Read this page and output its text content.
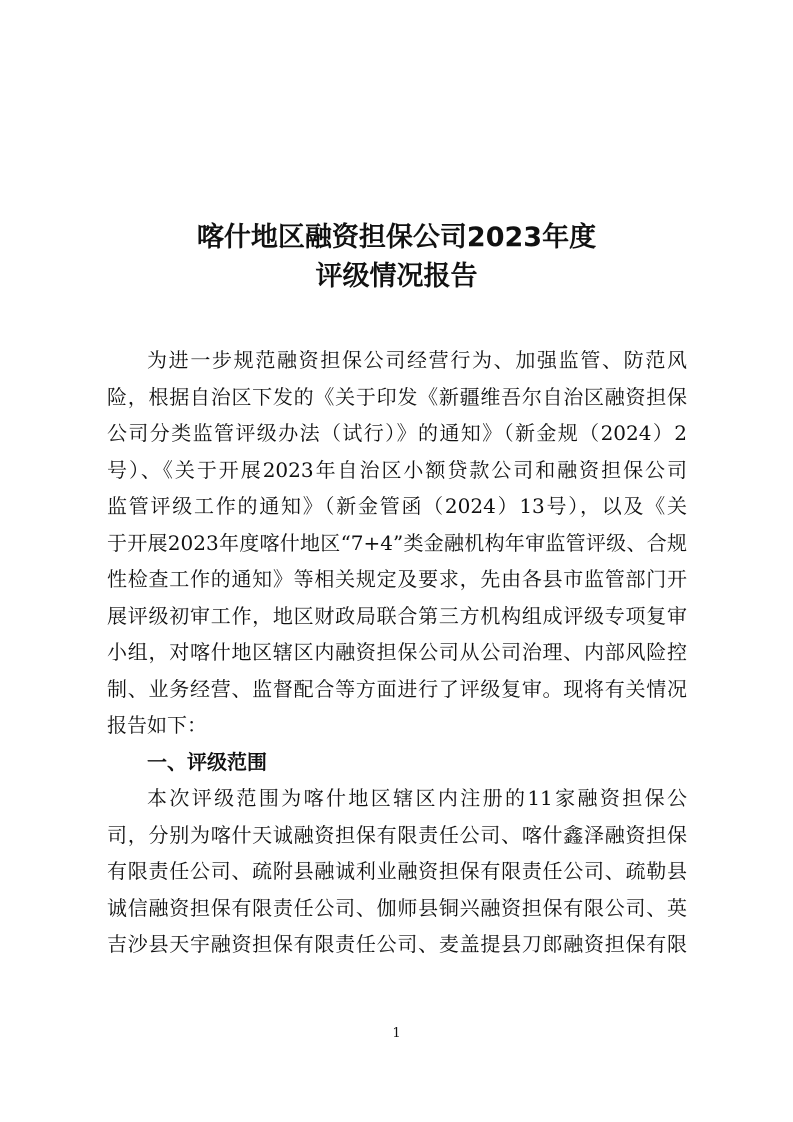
喀什地区融资担保公司2023年度
评级情况报告
为进一步规范融资担保公司经营行为、加强监管、防范风
险，根据自治区下发的《关于印发《新疆维吾尔自治区融资担保
公司分类监管评级办法（试行）》的通知》（新金规（2024）2
号）、《关于开展2023年自治区小额贷款公司和融资担保公司
监管评级工作的通知》（新金管函（2024）13号），以及《关
于开展2023年度喀什地区“7+4”类金融机构年审监管评级、合规
性检查工作的通知》等相关规定及要求，先由各县市监管部门开
展评级初审工作，地区财政局联合第三方机构组成评级专项复审
小组，对喀什地区辖区内融资担保公司从公司治理、内部风险控
制、业务经营、监督配合等方面进行了评级复审。现将有关情况
报告如下：
一、评级范围
本次评级范围为喀什地区辖区内注册的11家融资担保公
司，分别为喀什天诚融资担保有限责任公司、喀什鑫泽融资担保
有限责任公司、疏附县融诚利业融资担保有限责任公司、疏勒县
诚信融资担保有限责任公司、伽师县铜兴融资担保有限公司、英
吉沙县天宇融资担保有限责任公司、麦盖提县刀郎融资担保有限
1
